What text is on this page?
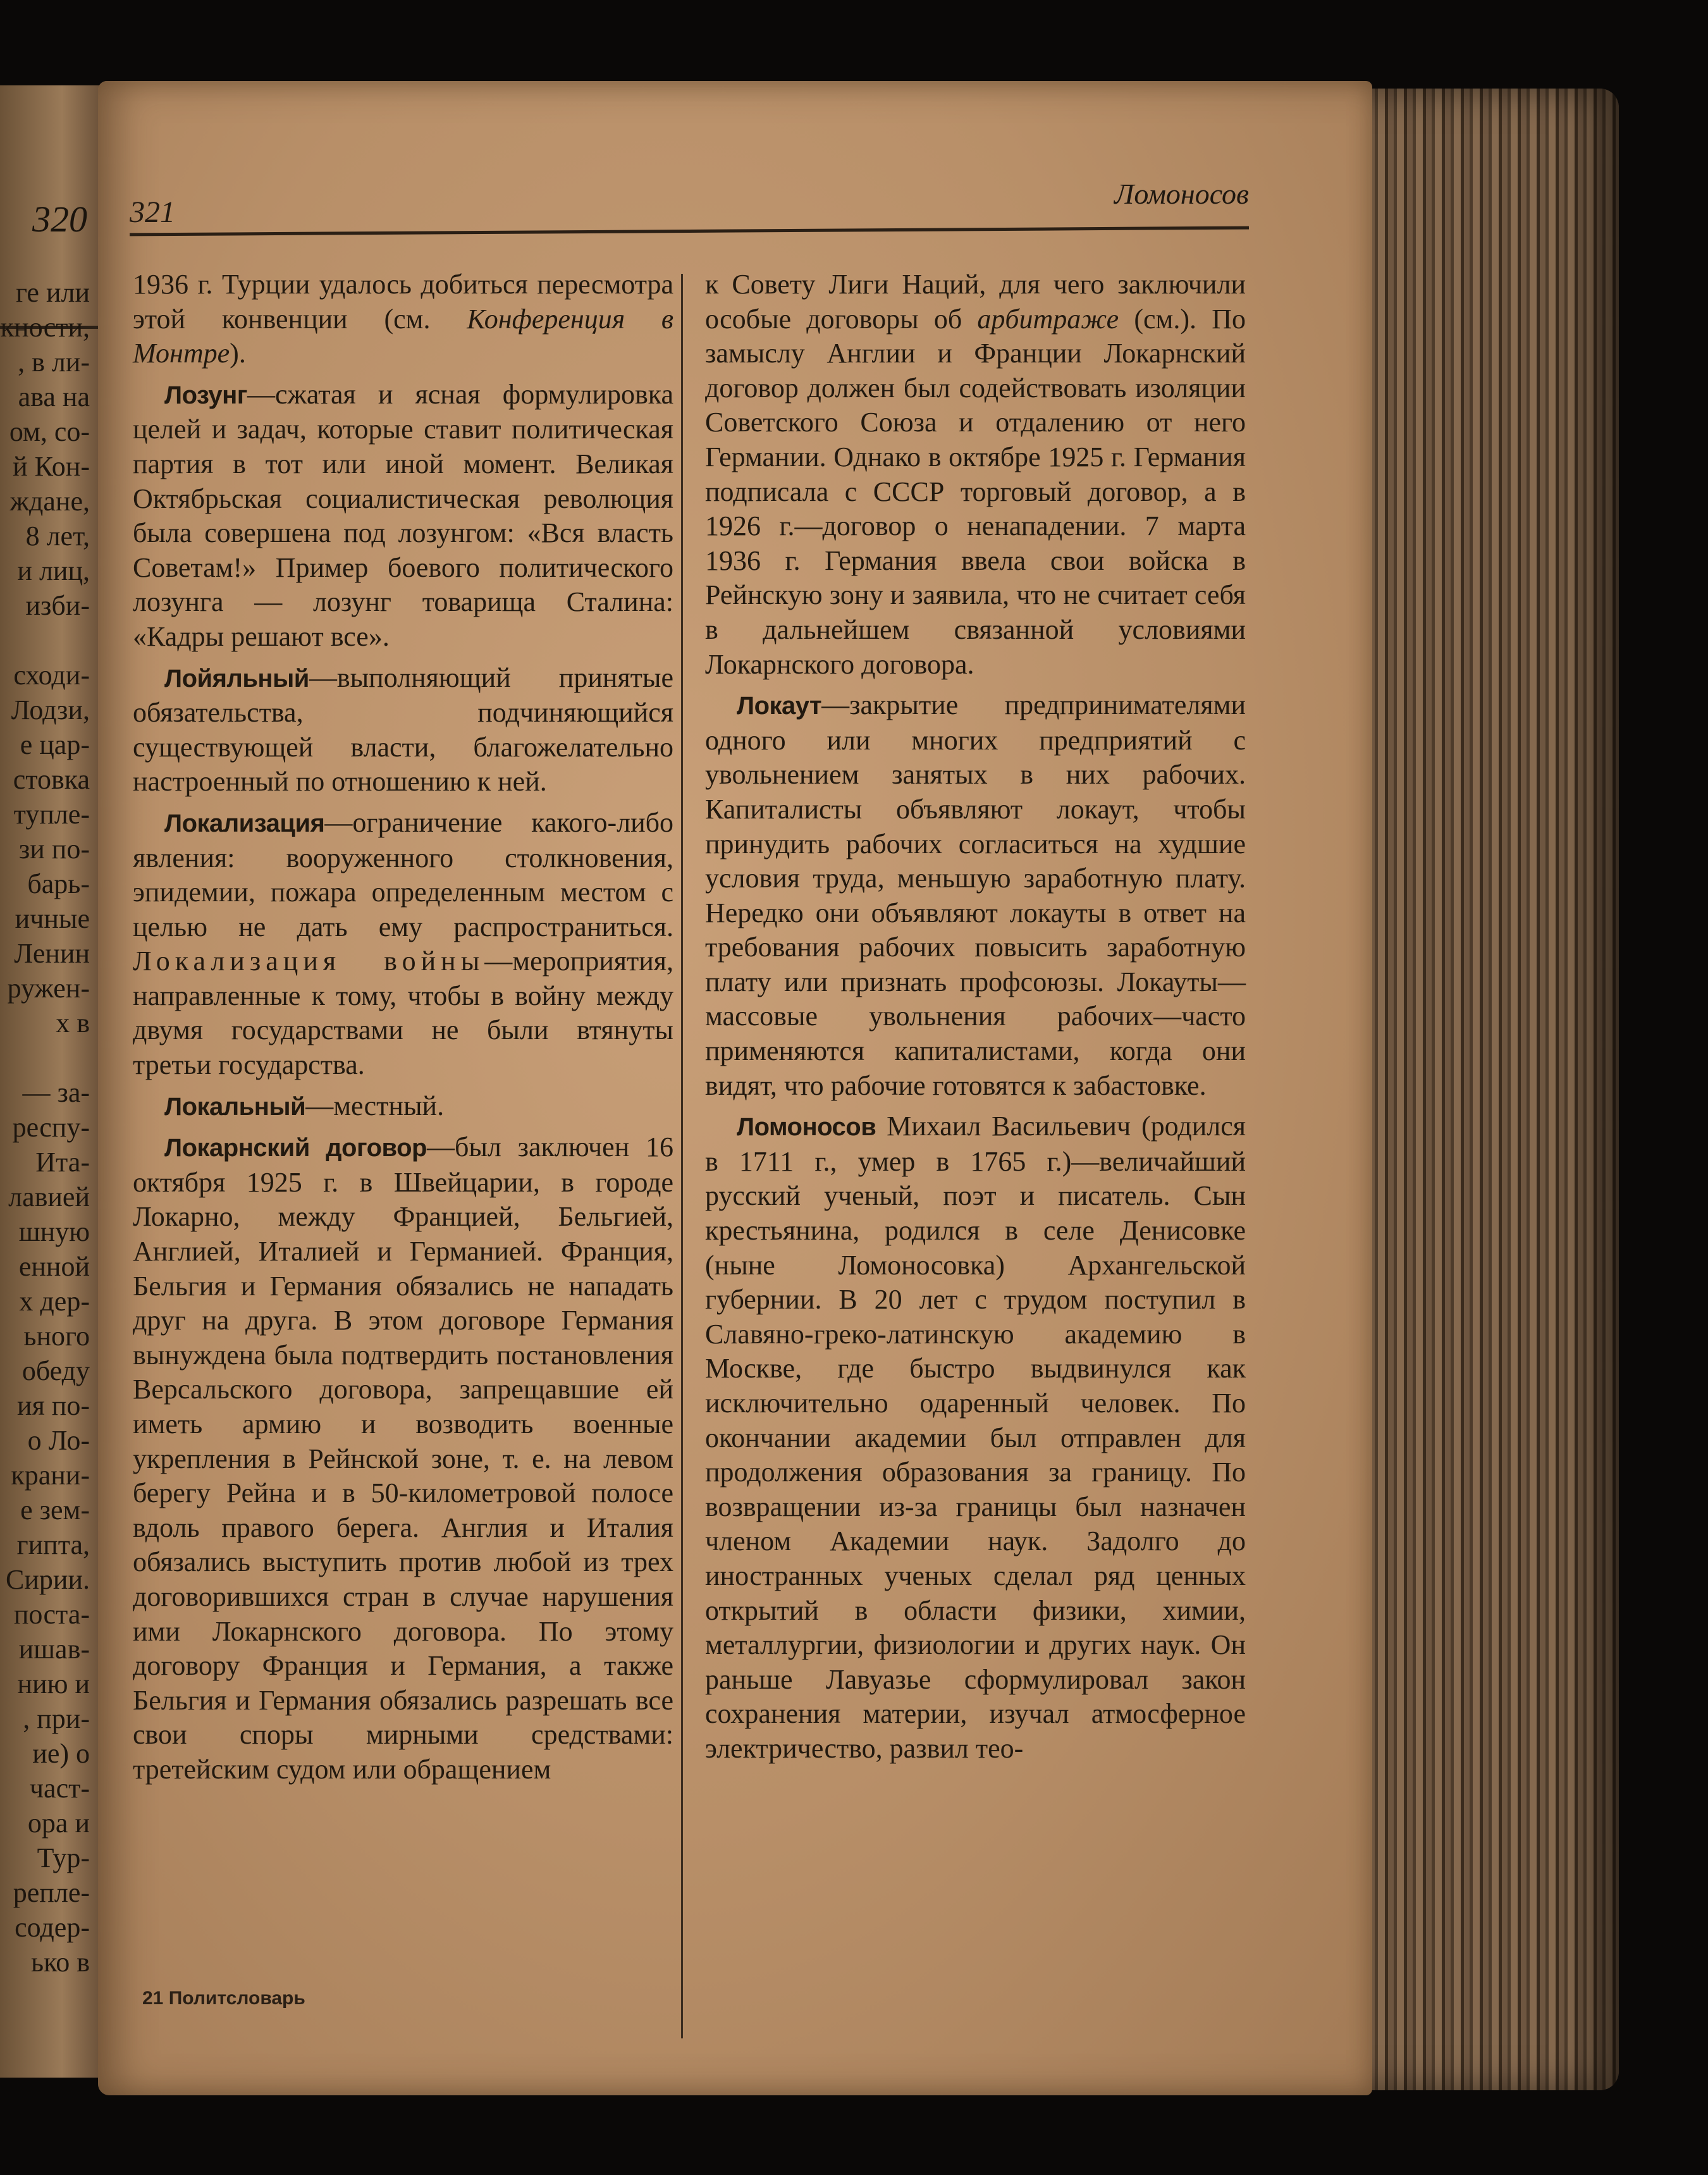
320
ге или
кности,
, в ли-
ава на
ом, со-
й Кон-
ждане,
8 лет,
и лиц,
изби-
сходи-
Лодзи,
е цар-
стовка
тупле-
зи по-
барь-
ичные
Ленин
ружен-
х в
— за-
респу-
Ита-
лавией
шную
енной
х дер-
ьного
обеду
ия по-
о Ло-
крани-
е зем-
гипта,
Сирии.
поста-
ишав-
нию и
, при-
ие) о
част-
ора и
Тур-
репле-
содер-
ько в
321
Ломоносов

1936 г. Турции удалось добиться пересмотра этой конвенции (см. Конференция в Монтре).

Лозунг—сжатая и ясная формулировка целей и задач, которые ставит политическая партия в тот или иной момент. Великая Октябрьская социалистическая революция была совершена под лозунгом: «Вся власть Советам!» Пример боевого политического лозунга — лозунг товарища Сталина: «Кадры решают все».

Лойяльный—выполняющий принятые обязательства, подчиняющийся существующей власти, благожелательно настроенный по отношению к ней.

Локализация—ограничение какого-либо явления: вооруженного столкновения, эпидемии, пожара определенным местом с целью не дать ему распространиться. Локализация войны—мероприятия, направленные к тому, чтобы в войну между двумя государствами не были втянуты третьи государства.

Локальный—местный.

Локарнский договор—был заключен 16 октября 1925 г. в Швейцарии, в городе Локарно, между Францией, Бельгией, Англией, Италией и Германией. Франция, Бельгия и Германия обязались не нападать друг на друга. В этом договоре Германия вынуждена была подтвердить постановления Версальского договора, запрещавшие ей иметь армию и возводить военные укрепления в Рейнской зоне, т. е. на левом берегу Рейна и в 50-километровой полосе вдоль правого берега. Англия и Италия обязались выступить против любой из трех договорившихся стран в случае нарушения ими Локарнского договора. По этому договору Франция и Германия, а также Бельгия и Германия обязались разрешать все свои споры мирными средствами: третейским судом или обращением

к Совету Лиги Наций, для чего заключили особые договоры об арбитраже (см.). По замыслу Англии и Франции Локарнский договор должен был содействовать изоляции Советского Союза и отдалению от него Германии. Однако в октябре 1925 г. Германия подписала с СССР торговый договор, а в 1926 г.—договор о ненападении. 7 марта 1936 г. Германия ввела свои войска в Рейнскую зону и заявила, что не считает себя в дальнейшем связанной условиями Локарнского договора.

Локаут—закрытие предпринимателями одного или многих предприятий с увольнением занятых в них рабочих. Капиталисты объявляют локаут, чтобы принудить рабочих согласиться на худшие условия труда, меньшую заработную плату. Нередко они объявляют локауты в ответ на требования рабочих повысить заработную плату или признать профсоюзы. Локауты—массовые увольнения рабочих—часто применяются капиталистами, когда они видят, что рабочие готовятся к забастовке.

Ломоносов Михаил Васильевич (родился в 1711 г., умер в 1765 г.)—величайший русский ученый, поэт и писатель. Сын крестьянина, родился в селе Денисовке (ныне Ломоносовка) Архангельской губернии. В 20 лет с трудом поступил в Славяно-греко-латинскую академию в Москве, где быстро выдвинулся как исключительно одаренный человек. По окончании академии был отправлен для продолжения образования за границу. По возвращении из-за границы был назначен членом Академии наук. Задолго до иностранных ученых сделал ряд ценных открытий в области физики, химии, металлургии, физиологии и других наук. Он раньше Лавуазье сформулировал закон сохранения материи, изучал атмосферное электричество, развил тео-

21 Политсловарь
